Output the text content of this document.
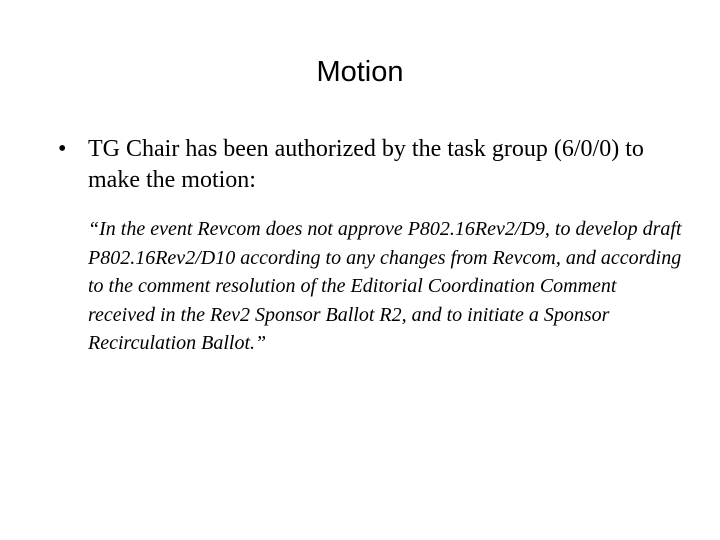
Motion
• TG Chair has been authorized by the task group (6/0/0) to make the motion:
“In the event Revcom does not approve P802.16Rev2/D9, to develop draft P802.16Rev2/D10 according to any changes from Revcom, and according to the comment resolution of the Editorial Coordination Comment received in the Rev2 Sponsor Ballot R2, and to initiate a Sponsor Recirculation Ballot.”
